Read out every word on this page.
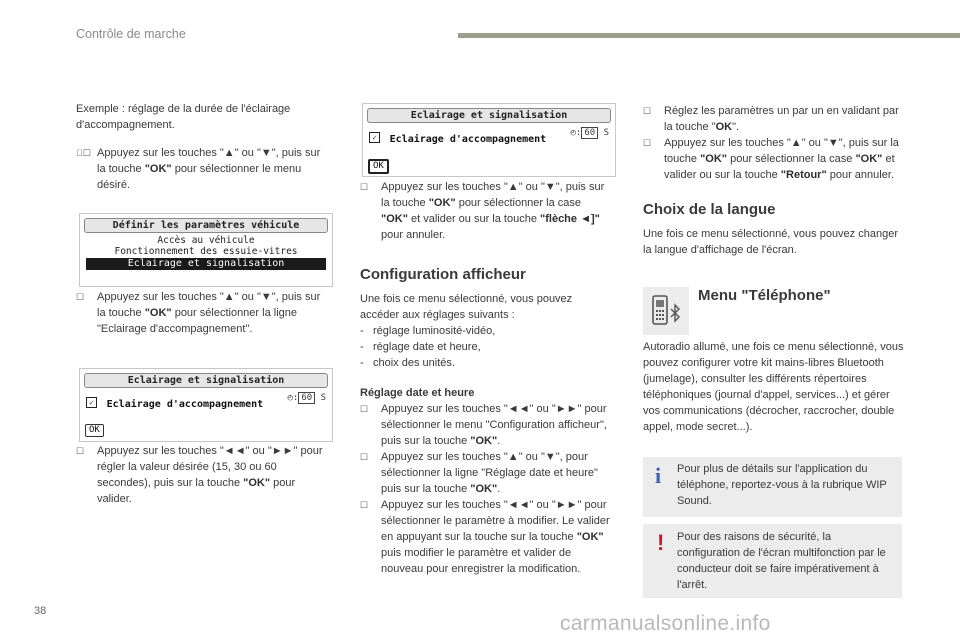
Contrôle de marche

Exemple : réglage de la durée de l'éclairage d'accompagnement.

☐ Appuyez sur les touches "▲" ou "▼", puis sur la touche "OK" pour sélectionner le menu désiré.
Définir les paramètres véhicule
Accès au véhicule
Fonctionnement des essuie-vitres
Eclairage et signalisation
☐ Appuyez sur les touches "▲" ou "▼", puis sur la touche "OK" pour sélectionner la ligne "Eclairage d'accompagnement".
Eclairage et signalisation
✓ Eclairage d'accompagnement
◴: 60 S
OK
☐ Appuyez sur les touches "◄◄" ou "►►" pour régler la valeur désirée (15, 30 ou 60 secondes), puis sur la touche "OK" pour valider.
Eclairage et signalisation
✓ Eclairage d'accompagnement
◴: 60 S
OK
☐ Appuyez sur les touches "▲" ou "▼", puis sur la touche "OK" pour sélectionner la case "OK" et valider ou sur la touche "flèche ◄]" pour annuler.
Configuration afficheur

Une fois ce menu sélectionné, vous pouvez accéder aux réglages suivants :

- réglage luminosité-vidéo,
- réglage date et heure,
- choix des unités.

Réglage date et heure

☐ Appuyez sur les touches "◄◄" ou "►►" pour sélectionner le menu "Configuration afficheur", puis sur la touche "OK".
☐ Appuyez sur les touches "▲" ou "▼", pour sélectionner la ligne "Réglage date et heure" puis sur la touche "OK".
☐ Appuyez sur les touches "◄◄" ou "►►" pour sélectionner le paramètre à modifier. Le valider en appuyant sur la touche sur la touche "OK" puis modifier le paramètre et valider de nouveau pour enregistrer la modification.
☐ Réglez les paramètres un par un en validant par la touche "OK".
☐ Appuyez sur les touches "▲" ou "▼", puis sur la touche "OK" pour sélectionner la case "OK" et valider ou sur la touche "Retour" pour annuler.
Choix de la langue

Une fois ce menu sélectionné, vous pouvez changer la langue d'affichage de l'écran.

Menu "Téléphone"

Autoradio allumé, une fois ce menu sélectionné, vous pouvez configurer votre kit mains-libres Bluetooth (jumelage), consulter les différents répertoires téléphoniques (journal d'appel, services...) et gérer vos communications (décrocher, raccrocher, double appel, mode secret...).

i Pour plus de détails sur l'application du téléphone, reportez-vous à la rubrique WIP Sound.

! Pour des raisons de sécurité, la configuration de l'écran multifonction par le conducteur doit se faire impérativement à l'arrêt.

38
carmanualsonline.info
